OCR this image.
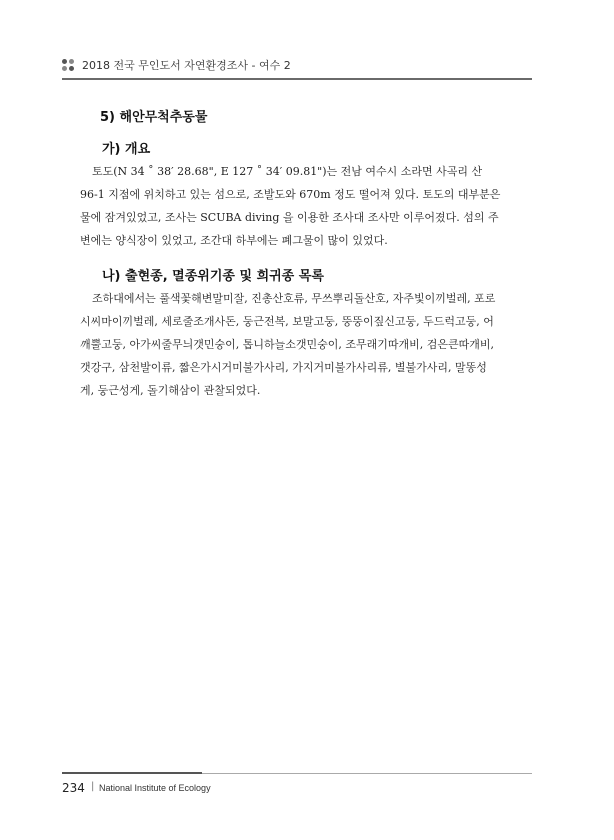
2018 전국 무인도서 자연환경조사 - 여수 2
5) 해안무척추동물
가) 개요

토도(N 34 ˚ 38′ 28.68", E 127 ˚ 34′ 09.81")는 전남 여수시 소라면 사곡리 산
96-1 지점에 위치하고 있는 섬으로, 조발도와 670m 정도 떨어져 있다. 토도의 대부분은
물에 잠겨있었고, 조사는 SCUBA diving 을 이용한 조사대 조사만 이루어졌다. 섬의 주
변에는 양식장이 있었고, 조간대 하부에는 폐그물이 많이 있었다.

나) 출현종, 멸종위기종 및 희귀종 목록

조하대에서는 풀색꽃해변말미잘, 진총산호류, 무쓰뿌리돌산호, 자주빛이끼벌레, 포로
시씨마이끼벌레, 세로줄조개사돈, 둥근전복, 보말고둥, 뚱뚱이짚신고둥, 두드럭고둥, 어
깨뿔고둥, 아가씨줄무늬갯민숭이, 톱니하늘소갯민숭이, 조무래기따개비, 검은큰따개비,
갯강구, 삼천발이류, 짧은가시거미불가사리, 가지거미불가사리류, 별불가사리, 말똥성
게, 둥근성게, 돌기해삼이 관찰되었다.

234 | National Institute of Ecology
